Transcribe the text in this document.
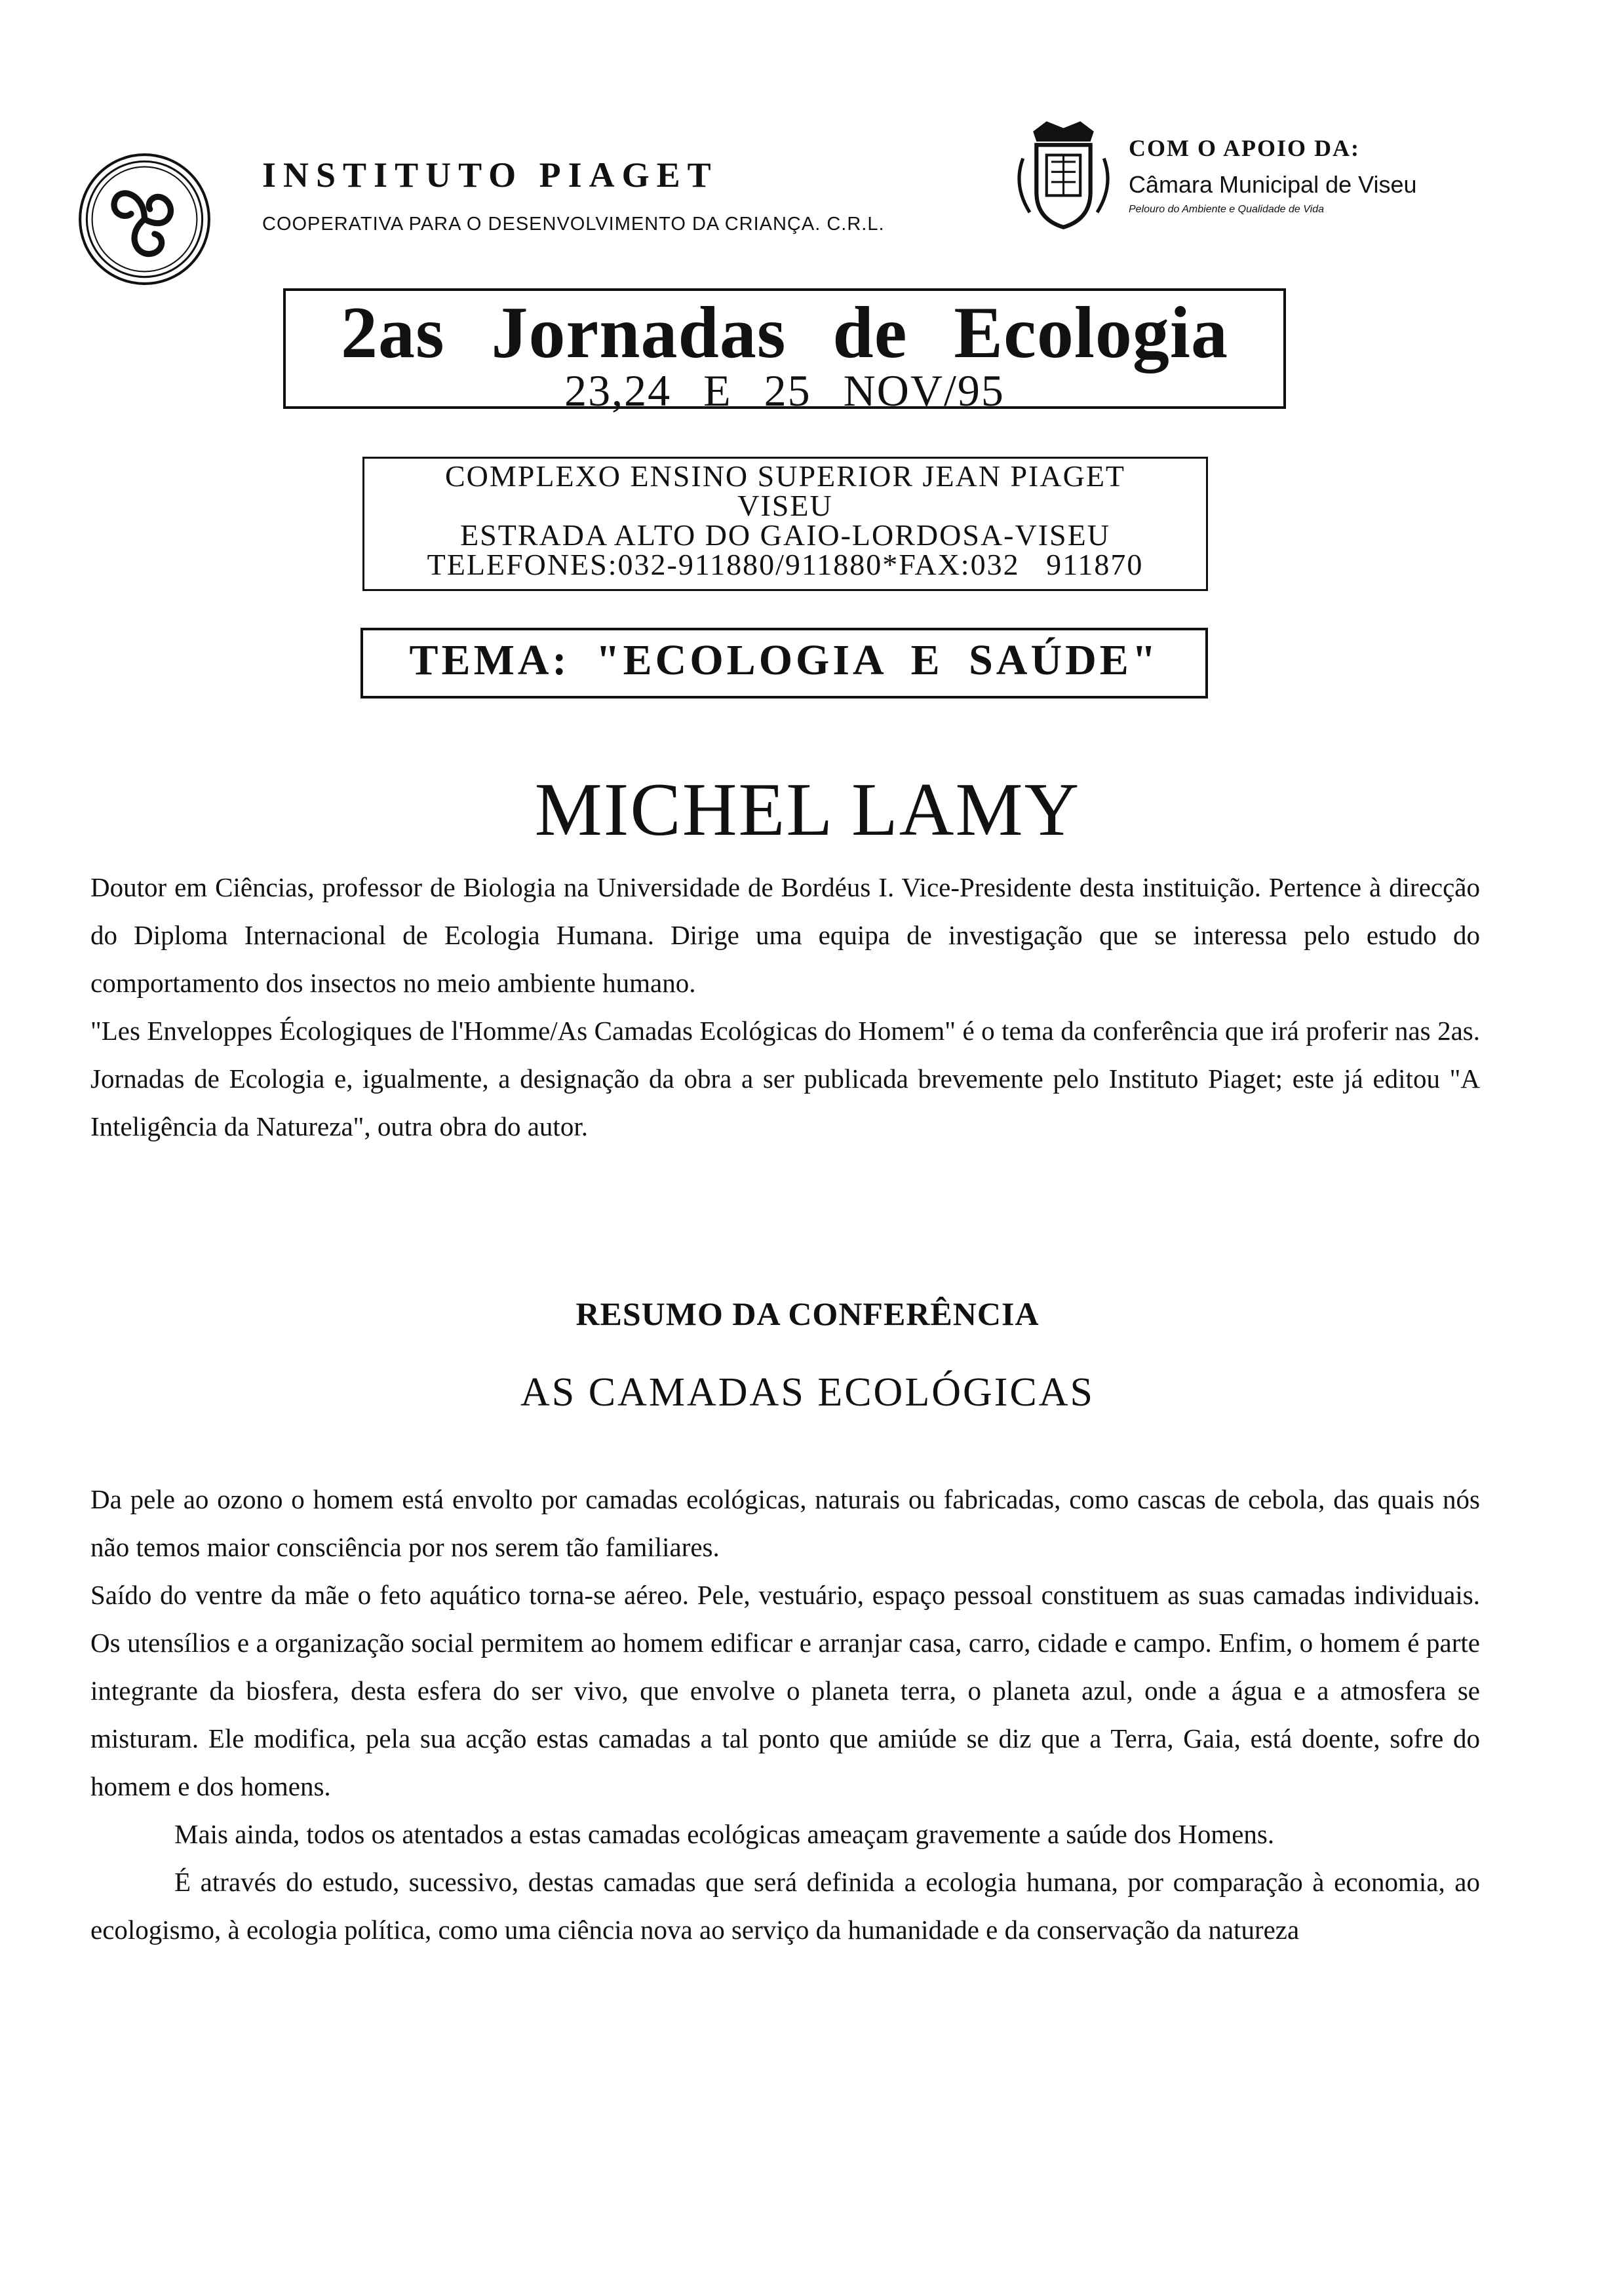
INSTITUTO PIAGET
COOPERATIVA PARA O DESENVOLVIMENTO DA CRIANÇA. C.R.L.
COM O APOIO DA:
Câmara Municipal de Viseu
Pelouro do Ambiente e Qualidade de Vida
2as Jornadas de Ecologia
23,24 E 25 NOV/95
COMPLEXO ENSINO SUPERIOR JEAN PIAGET
VISEU
ESTRADA ALTO DO GAIO-LORDOSA-VISEU
TELEFONES:032-911880/911880*FAX:032   911870
TEMA: "ECOLOGIA E SAÚDE"
MICHEL LAMY

Doutor em Ciências, professor de Biologia na Universidade de Bordéus I. Vice-Presidente desta instituição. Pertence à direcção do Diploma Internacional de Ecologia Humana. Dirige uma equipa de investigação que se interessa pelo estudo do comportamento dos insectos no meio ambiente humano.

"Les Enveloppes Écologiques de l'Homme/As Camadas Ecológicas do Homem" é o tema da conferência que irá proferir nas 2as. Jornadas de Ecologia e, igualmente, a designação da obra a ser publicada brevemente pelo Instituto Piaget; este já editou "A Inteligência da Natureza", outra obra do autor.

RESUMO DA CONFERÊNCIA
AS CAMADAS ECOLÓGICAS

Da pele ao ozono o homem está envolto por camadas ecológicas, naturais ou fabricadas, como cascas de cebola, das quais nós não temos maior consciência por nos serem tão familiares.

Saído do ventre da mãe o feto aquático torna-se aéreo. Pele, vestuário, espaço pessoal constituem as suas camadas individuais. Os utensílios e a organização social permitem ao homem edificar e arranjar casa, carro, cidade e campo. Enfim, o homem é parte integrante da biosfera, desta esfera do ser vivo, que envolve o planeta terra, o planeta azul, onde a água e a atmosfera se misturam. Ele modifica, pela sua acção estas camadas a tal ponto que amiúde se diz que a Terra, Gaia, está doente, sofre do homem e dos homens.

Mais ainda, todos os atentados a estas camadas ecológicas ameaçam gravemente a saúde dos Homens.

É através do estudo, sucessivo, destas camadas que será definida a ecologia humana, por comparação à economia, ao ecologismo, à ecologia política, como uma ciência nova ao serviço da humanidade e da conservação da natureza
